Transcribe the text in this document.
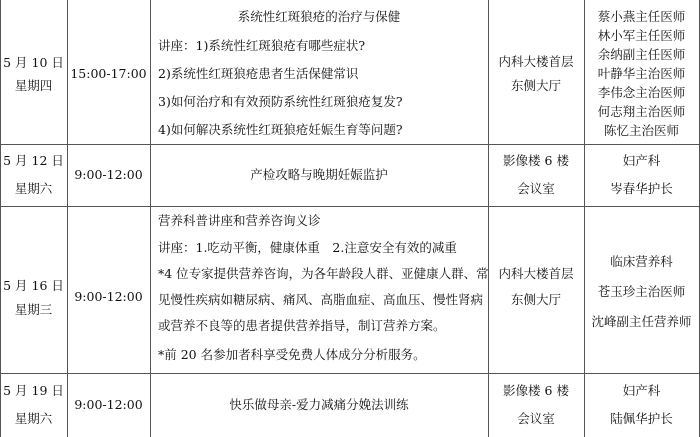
5 月 10 日
星期四
15:00-17:00
系统性红斑狼疮的治疗与保健
讲座：1)系统性红斑狼疮有哪些症状?
2)系统性红斑狼疮患者生活保健常识
3)如何治疗和有效预防系统性红斑狼疮复发?
4)如何解决系统性红斑狼疮妊娠生育等问题?
内科大楼首层
东侧大厅
蔡小燕主任医师
林小军主任医师
余纳副主任医师
叶静华主治医师
李伟念主治医师
何志翔主治医师
陈忆主治医师
5 月 12 日
星期六
9:00-12:00	产检攻略与晚期妊娠监护
影像楼 6 楼
会议室
妇产科
岑春华护长
5 月 16 日
星期三
9:00-12:00
营养科普讲座和营养咨询义诊
讲座：1.吃动平衡，健康体重　2.注意安全有效的减重
*4 位专家提供营养咨询，为各年龄段人群、亚健康人群、常
见慢性疾病如糖尿病、痛风、高脂血症、高血压、慢性肾病
或营养不良等的患者提供营养指导，制订营养方案。
*前 20 名参加者科享受免费人体成分分析服务。
内科大楼首层
东侧大厅
临床营养科
苍玉珍主治医师
沈峰副主任营养师
5 月 19 日
星期六
9:00-12:00	快乐做母亲-爱力减痛分娩法训练
影像楼 6 楼
会议室
妇产科
陆佩华护长
